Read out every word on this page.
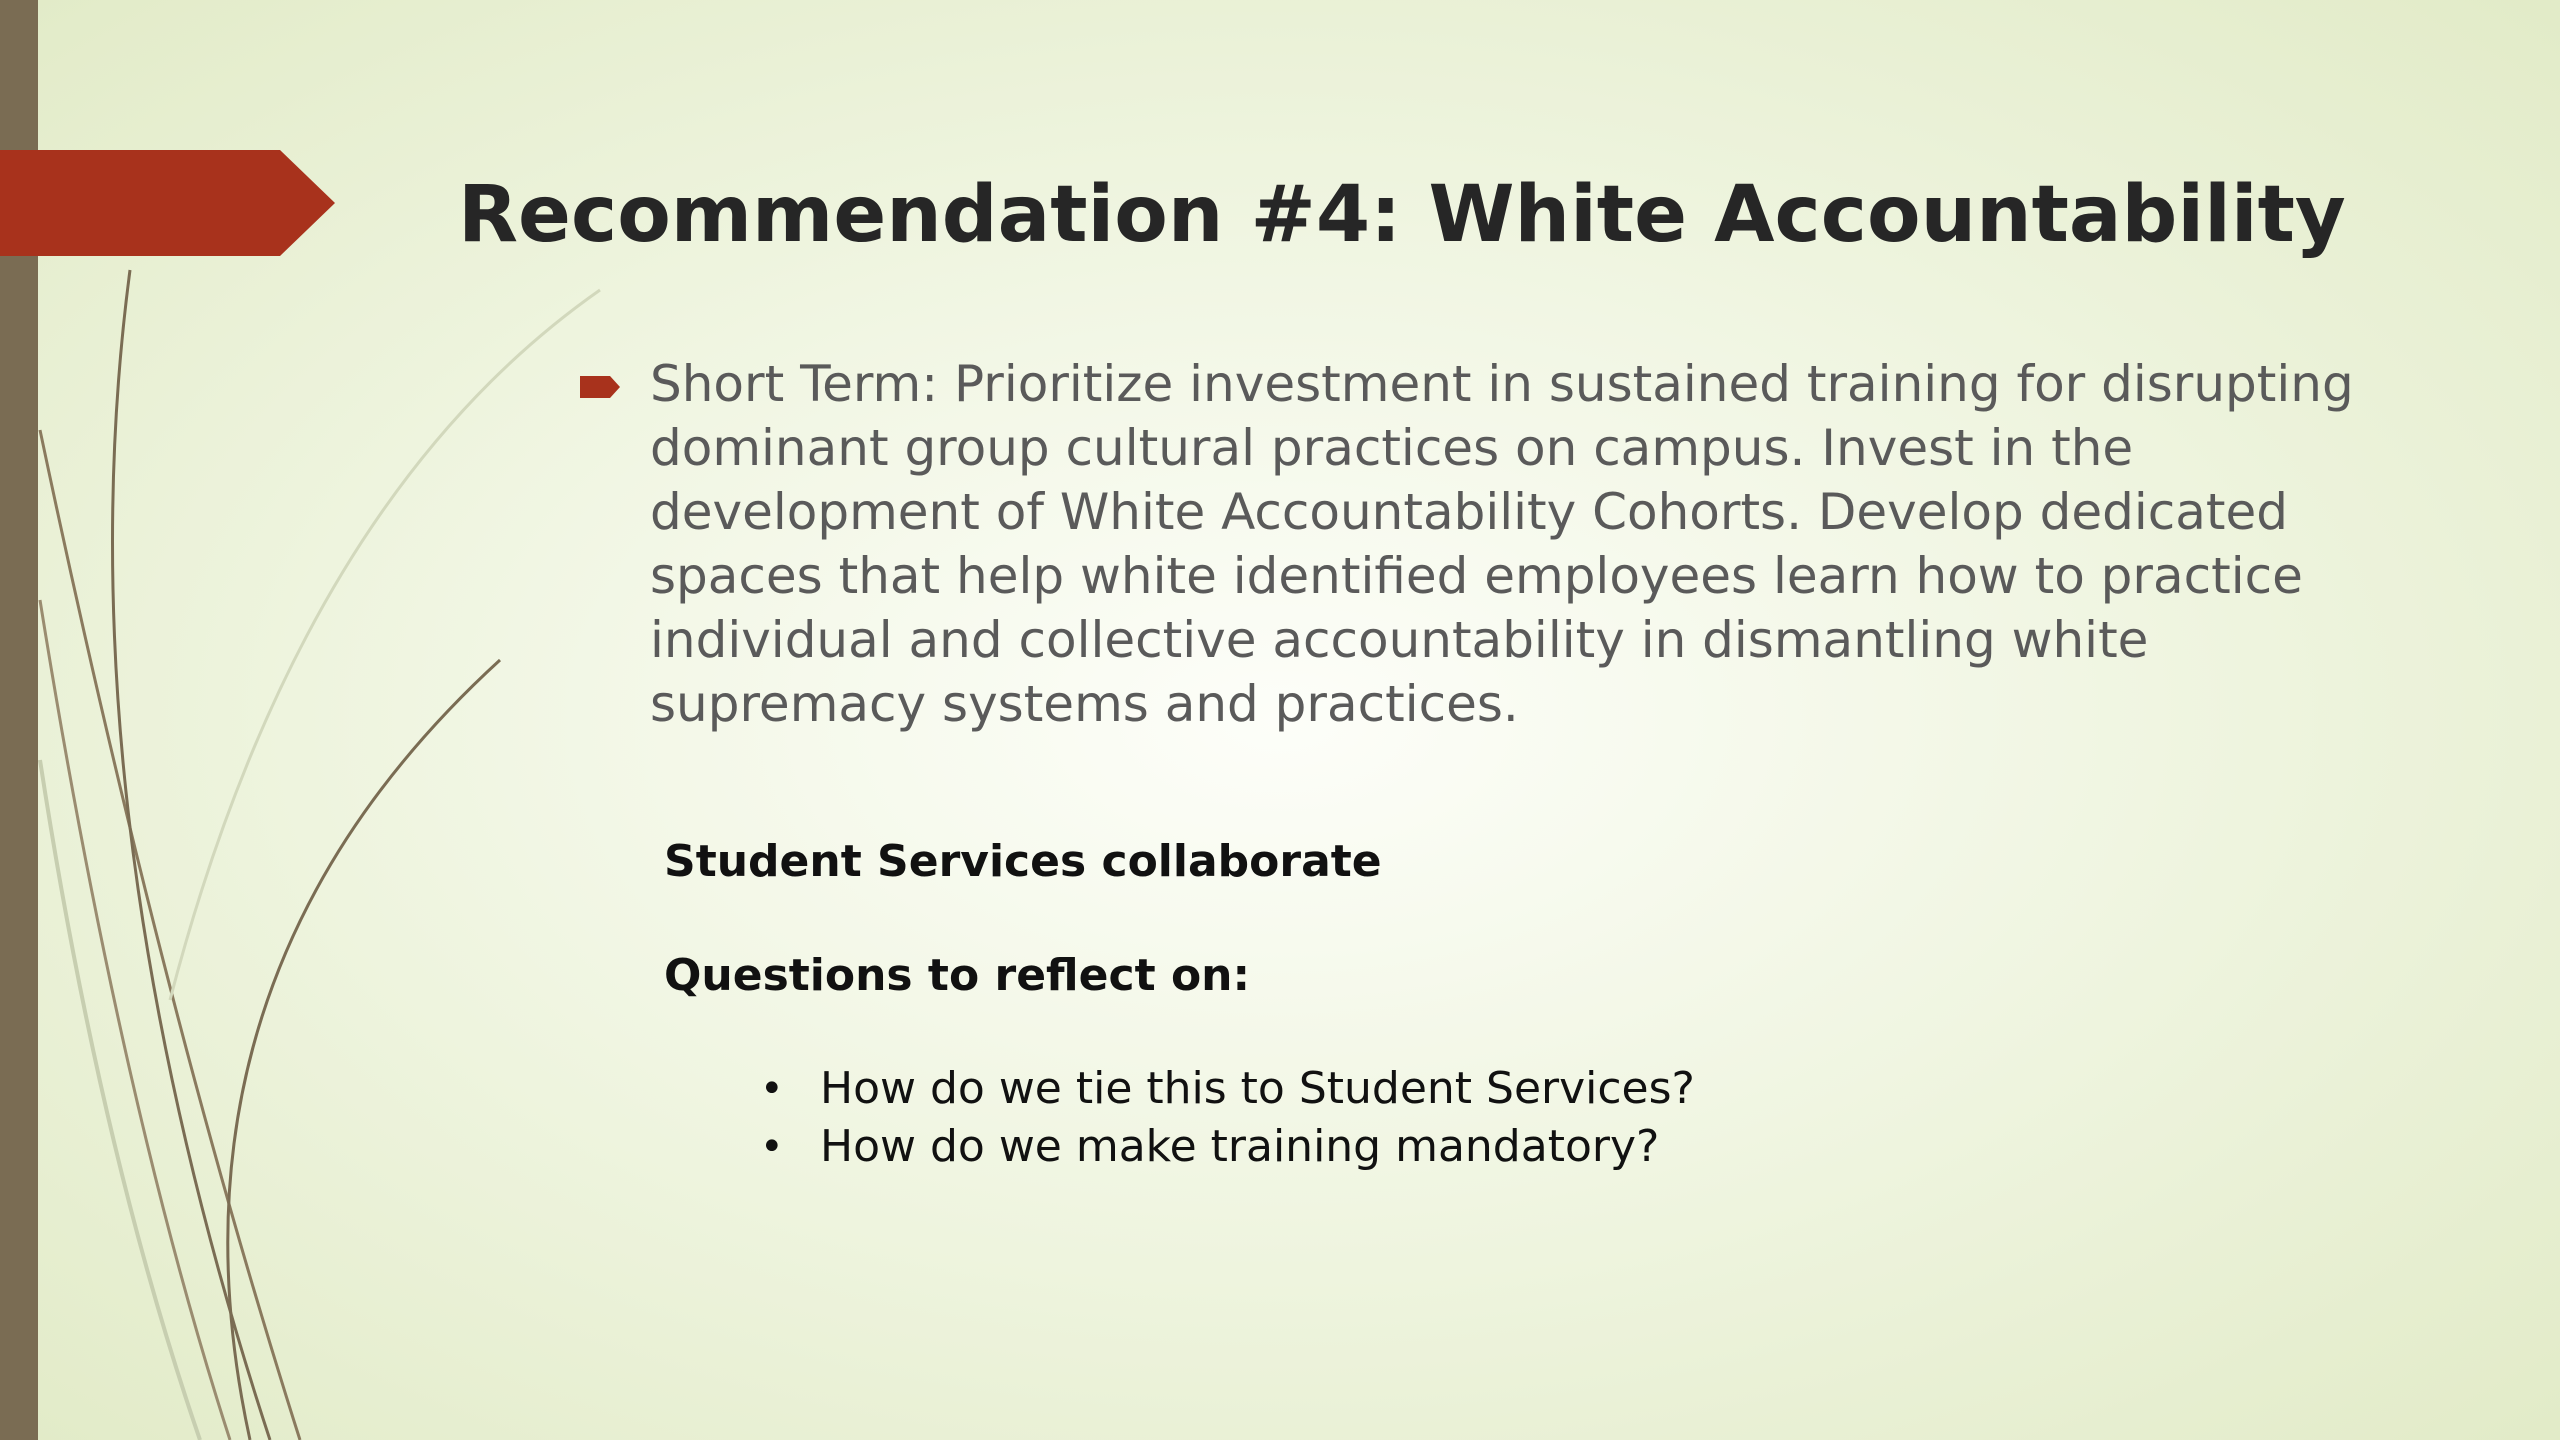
Recommendation #4: White Accountability

Short Term: Prioritize investment in sustained training for disrupting dominant group cultural practices on campus. Invest in the development of White Accountability Cohorts. Develop dedicated spaces that help white identified employees learn how to practice individual and collective accountability in dismantling white supremacy systems and practices.

Student Services collaborate

Questions to reflect on:

• How do we tie this to Student Services?
• How do we make training mandatory?
